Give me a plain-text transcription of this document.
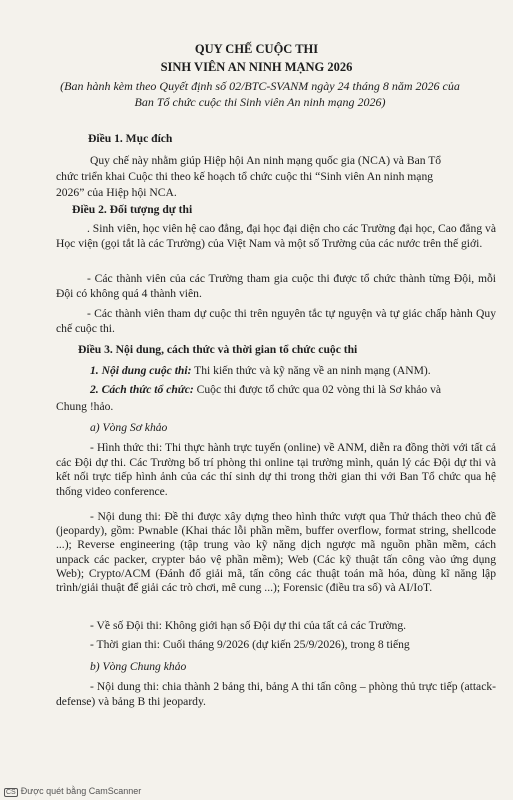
QUY CHẾ CUỘC THI
SINH VIÊN AN NINH MẠNG 2026
(Ban hành kèm theo Quyết định số 02/BTC-SVANM ngày 24 tháng 8 năm 2026 của
Ban Tổ chức cuộc thi Sinh viên An ninh mạng 2026)
Điều 1. Mục đích
Quy chế này nhằm giúp Hiệp hội An ninh mạng quốc gia (NCA) và Ban Tổ
chức triển khai Cuộc thi theo kế hoạch tổ chức cuộc thi “Sinh viên An ninh mạng
2026” của Hiệp hội NCA.
Điều 2. Đối tượng dự thi
. Sinh viên, học viên hệ cao đẳng, đại học đại diện cho các Trường đại học, Cao đẳng và Học viện (gọi tắt là các Trường) của Việt Nam và một số Trường của các nước trên thế giới.
- Các thành viên của các Trường tham gia cuộc thi được tổ chức thành từng Đội, mỗi Đội có không quá 4 thành viên.
- Các thành viên tham dự cuộc thi trên nguyên tắc tự nguyện và tự giác chấp hành Quy chế cuộc thi.
Điều 3. Nội dung, cách thức và thời gian tổ chức cuộc thi
1. Nội dung cuộc thi: Thi kiến thức và kỹ năng về an ninh mạng (ANM).
2. Cách thức tổ chức: Cuộc thi được tổ chức qua 02 vòng thi là Sơ khảo và
Chung !hảo.
a) Vòng Sơ khảo
- Hình thức thi: Thi thực hành trực tuyến (online) về ANM, diễn ra đồng thời với tất cả các Đội dự thi. Các Trường bố trí phòng thi online tại trường mình, quản lý các Đội dự thi và kết nối trực tiếp hình ảnh của các thí sinh dự thi trong thời gian thi với Ban Tổ chức qua hệ thống video conference.
- Nội dung thi: Đề thi được xây dựng theo hình thức vượt qua Thử thách theo chủ đề (jeopardy), gồm: Pwnable (Khai thác lỗi phần mềm, buffer overflow, format string, shellcode ...); Reverse engineering (tập trung vào kỹ năng dịch ngược mã nguồn phần mềm, cách unpack các packer, crypter bảo vệ phần mềm); Web (Các kỹ thuật tấn công vào ứng dụng Web); Crypto/ACM (Đánh đố giải mã, tấn công các thuật toán mã hóa, dùng kĩ năng lập trình/giải thuật để giải các trò chơi, mê cung ...); Forensic (điều tra số) và AI/IoT.
- Về số Đội thi: Không giới hạn số Đội dự thi của tất cả các Trường.
- Thời gian thi: Cuối tháng 9/2026 (dự kiến 25/9/2026), trong 8 tiếng
b) Vòng Chung khảo
- Nội dung thi: chia thành 2 bảng thi, bảng A thi tấn công – phòng thủ trực tiếp (attack-defense) và bảng B thi jeopardy.
CS Được quét bằng CamScanner
